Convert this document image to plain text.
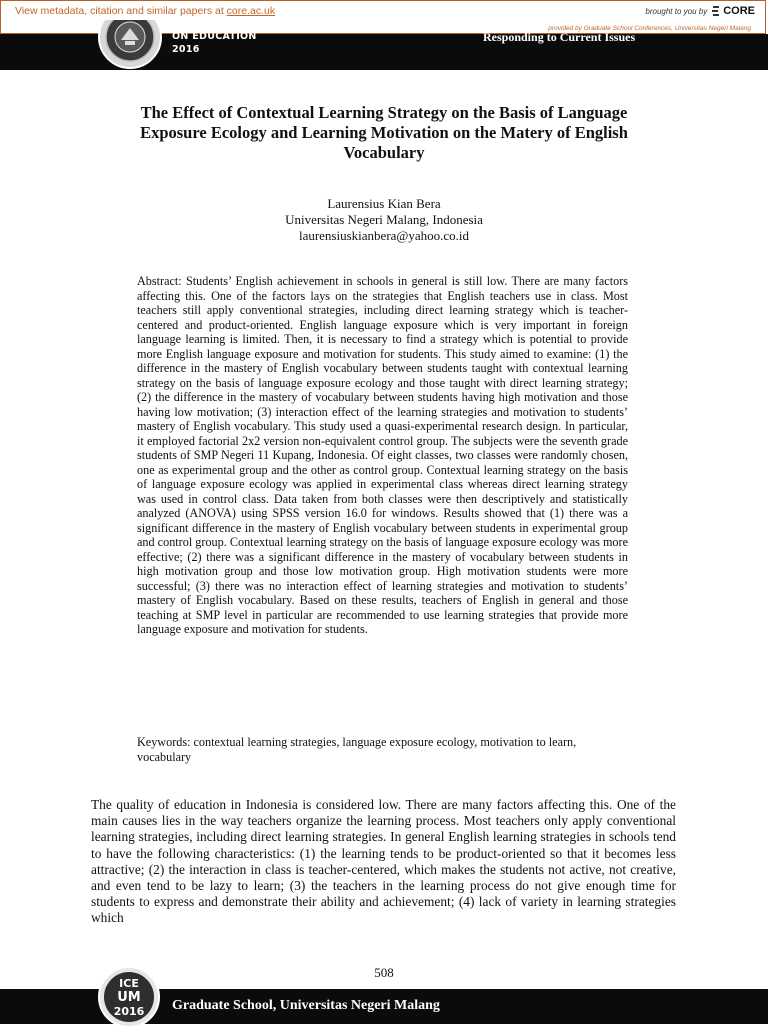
View metadata, citation and similar papers at core.ac.uk	brought to you by CORE
provided by Graduate School Conferences, Universitas Negeri Malang
ON EDUCATION
2016
Responding to Current Issues
The Effect of Contextual Learning Strategy on the Basis of Language
Exposure Ecology and Learning Motivation on the Matery of English
Vocabulary
Laurensius Kian Bera
Universitas Negeri Malang, Indonesia
laurensiuskianbera@yahoo.co.id
Abstract: Students’ English achievement in schools in general is still low. There are many factors affecting this. One of the factors lays on the strategies that English teachers use in class. Most teachers still apply conventional strategies, including direct learning strategy which is teacher-centered and product-oriented. English language exposure which is very important in foreign language learning is limited. Then, it is necessary to find a strategy which is potential to provide more English language exposure and motivation for students. This study aimed to examine: (1) the difference in the mastery of English vocabulary between students taught with contextual learning strategy on the basis of language exposure ecology and those taught with direct learning strategy; (2) the difference in the mastery of vocabulary between students having high motivation and those having low motivation; (3) interaction effect of the learning strategies and motivation to students’ mastery of English vocabulary. This study used a quasi-experimental research design. In particular, it employed factorial 2x2 version non-equivalent control group. The subjects were the seventh grade students of SMP Negeri 11 Kupang, Indonesia. Of eight classes, two classes were randomly chosen, one as experimental group and the other as control group. Contextual learning strategy on the basis of language exposure ecology was applied in experimental class whereas direct learning strategy was used in control class. Data taken from both classes were then descriptively and statistically analyzed (ANOVA) using SPSS version 16.0 for windows. Results showed that (1) there was a significant difference in the mastery of English vocabulary between students in experimental group and control group. Contextual learning strategy on the basis of language exposure ecology was more effective; (2) there was a significant difference in the mastery of vocabulary between students in high motivation group and those low motivation group. High motivation students were more successful; (3) there was no interaction effect of learning strategies and motivation to students’ mastery of English vocabulary. Based on these results, teachers of English in general and those teaching at SMP level in particular are recommended to use learning strategies that provide more language exposure and motivation for students.
Keywords: contextual learning strategies, language exposure ecology, motivation to learn, vocabulary
The quality of education in Indonesia is considered low. There are many factors affecting this. One of the main causes lies in the way teachers organize the learning process. Most teachers only apply conventional learning strategies, including direct learning strategies. In general English learning strategies in schools tend to have the following characteristics: (1) the learning tends to be product-oriented so that it becomes less attractive; (2) the interaction in class is teacher-centered, which makes the students not active, not creative, and even tend to be lazy to learn; (3) the teachers in the learning process do not give enough time for students to express and demonstrate their ability and achievement; (4) lack of variety in learning strategies which
508
ICE
UM
2016 Graduate School, Universitas Negeri Malang
